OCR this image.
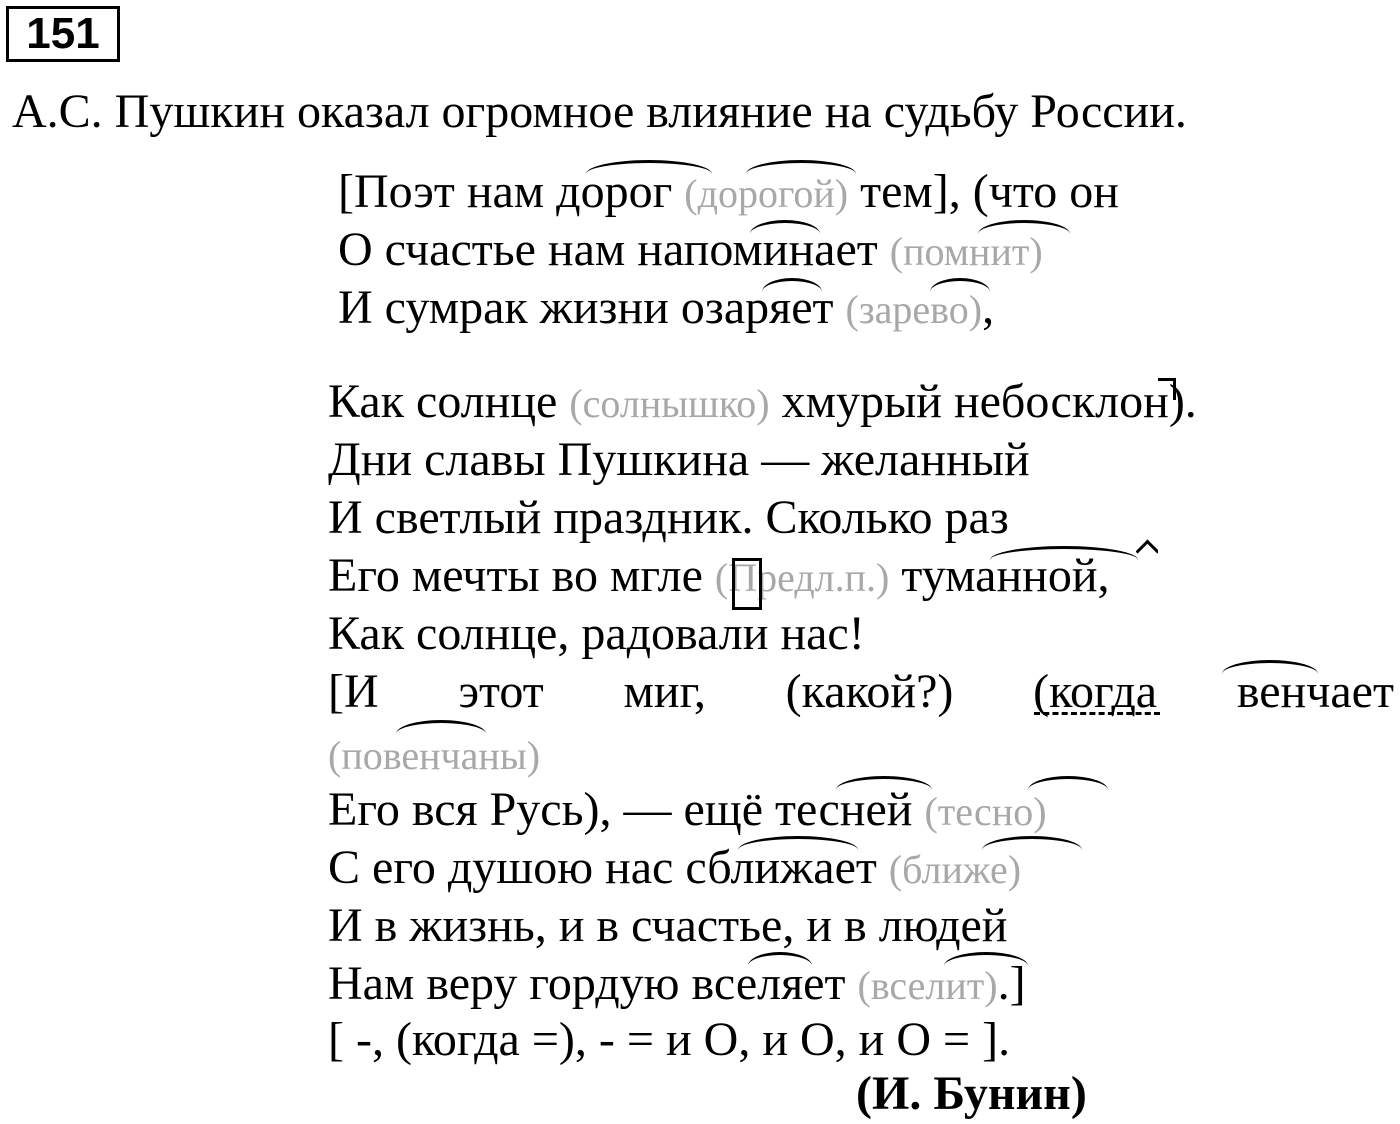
151
А.С. Пушкин оказал огромное влияние на судьбу России.
[Поэт нам дорог (дорогой) тем], (что он
О счастье нам напоминает (помнит)
И сумрак жизни озаряет (зарево),
Как солнце (солнышко) хмурый небосклон).
Дни славы Пушкина — желанный
И светлый праздник. Сколько раз
Его мечты во мгле (Предл.п.) туманной,
Как солнце, радовали нас!
[И этот миг, (какой?) (когда венчает
(повенчаны)
Его вся Русь), — ещё тесней (тесно)
С его душою нас сближает (ближе)
И в жизнь, и в счастье, и в людей
Нам веру гордую вселяет (вселит).]
[ -, (когда =), - = и О, и О, и О = ].
(И. Бунин)
